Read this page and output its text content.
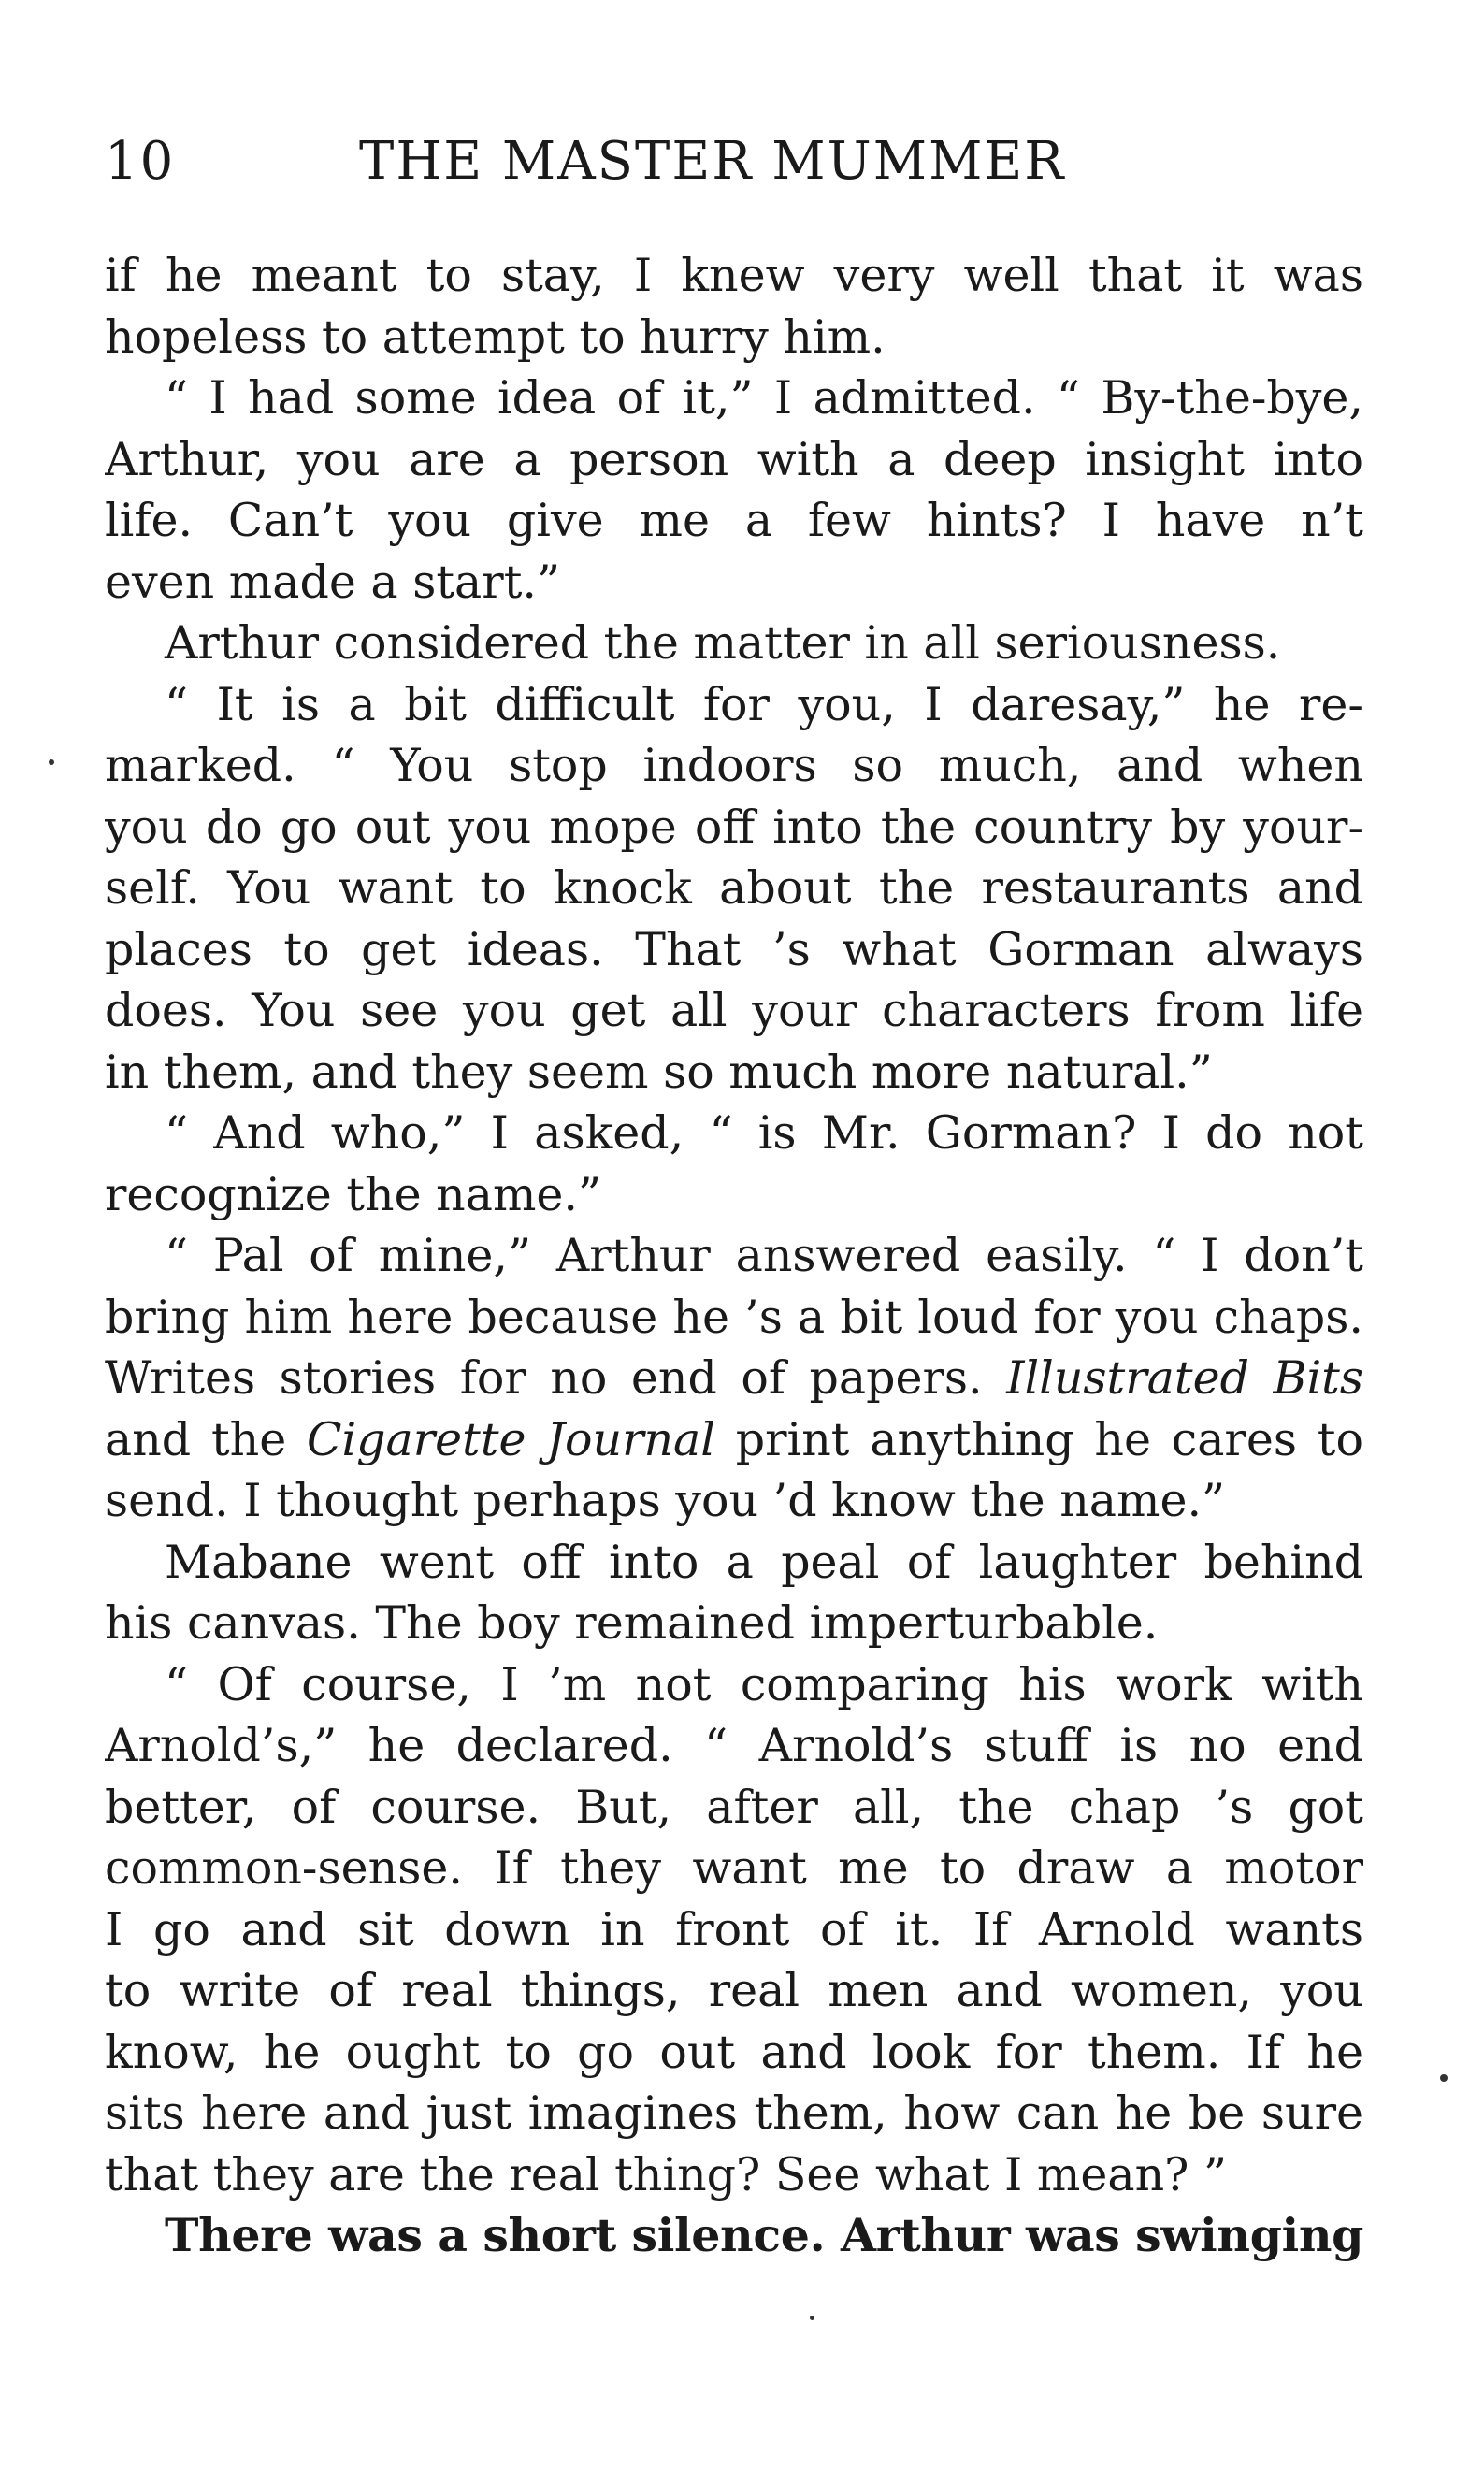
10	THE MASTER MUMMER
if he meant to stay, I knew very well that it was
hopeless to attempt to hurry him.
“ I had some idea of it,” I admitted. “ By-the-bye,
Arthur, you are a person with a deep insight into
life. Can’t you give me a few hints? I have n’t
even made a start.”
Arthur considered the matter in all seriousness.
“ It is a bit difficult for you, I daresay,” he re-
marked. “ You stop indoors so much, and when
you do go out you mope off into the country by your-
self. You want to knock about the restaurants and
places to get ideas. That ’s what Gorman always
does. You see you get all your characters from life
in them, and they seem so much more natural.”
“ And who,” I asked, “ is Mr. Gorman? I do not
recognize the name.”
“ Pal of mine,” Arthur answered easily. “ I don’t
bring him here because he ’s a bit loud for you chaps.
Writes stories for no end of papers. Illustrated Bits
and the Cigarette Journal print anything he cares to
send. I thought perhaps you ’d know the name.”
Mabane went off into a peal of laughter behind
his canvas. The boy remained imperturbable.
“ Of course, I ’m not comparing his work with
Arnold’s,” he declared. “ Arnold’s stuff is no end
better, of course. But, after all, the chap ’s got
common-sense. If they want me to draw a motor
I go and sit down in front of it. If Arnold wants
to write of real things, real men and women, you
know, he ought to go out and look for them. If he
sits here and just imagines them, how can he be sure
that they are the real thing? See what I mean? ”
There was a short silence. Arthur was swinging
